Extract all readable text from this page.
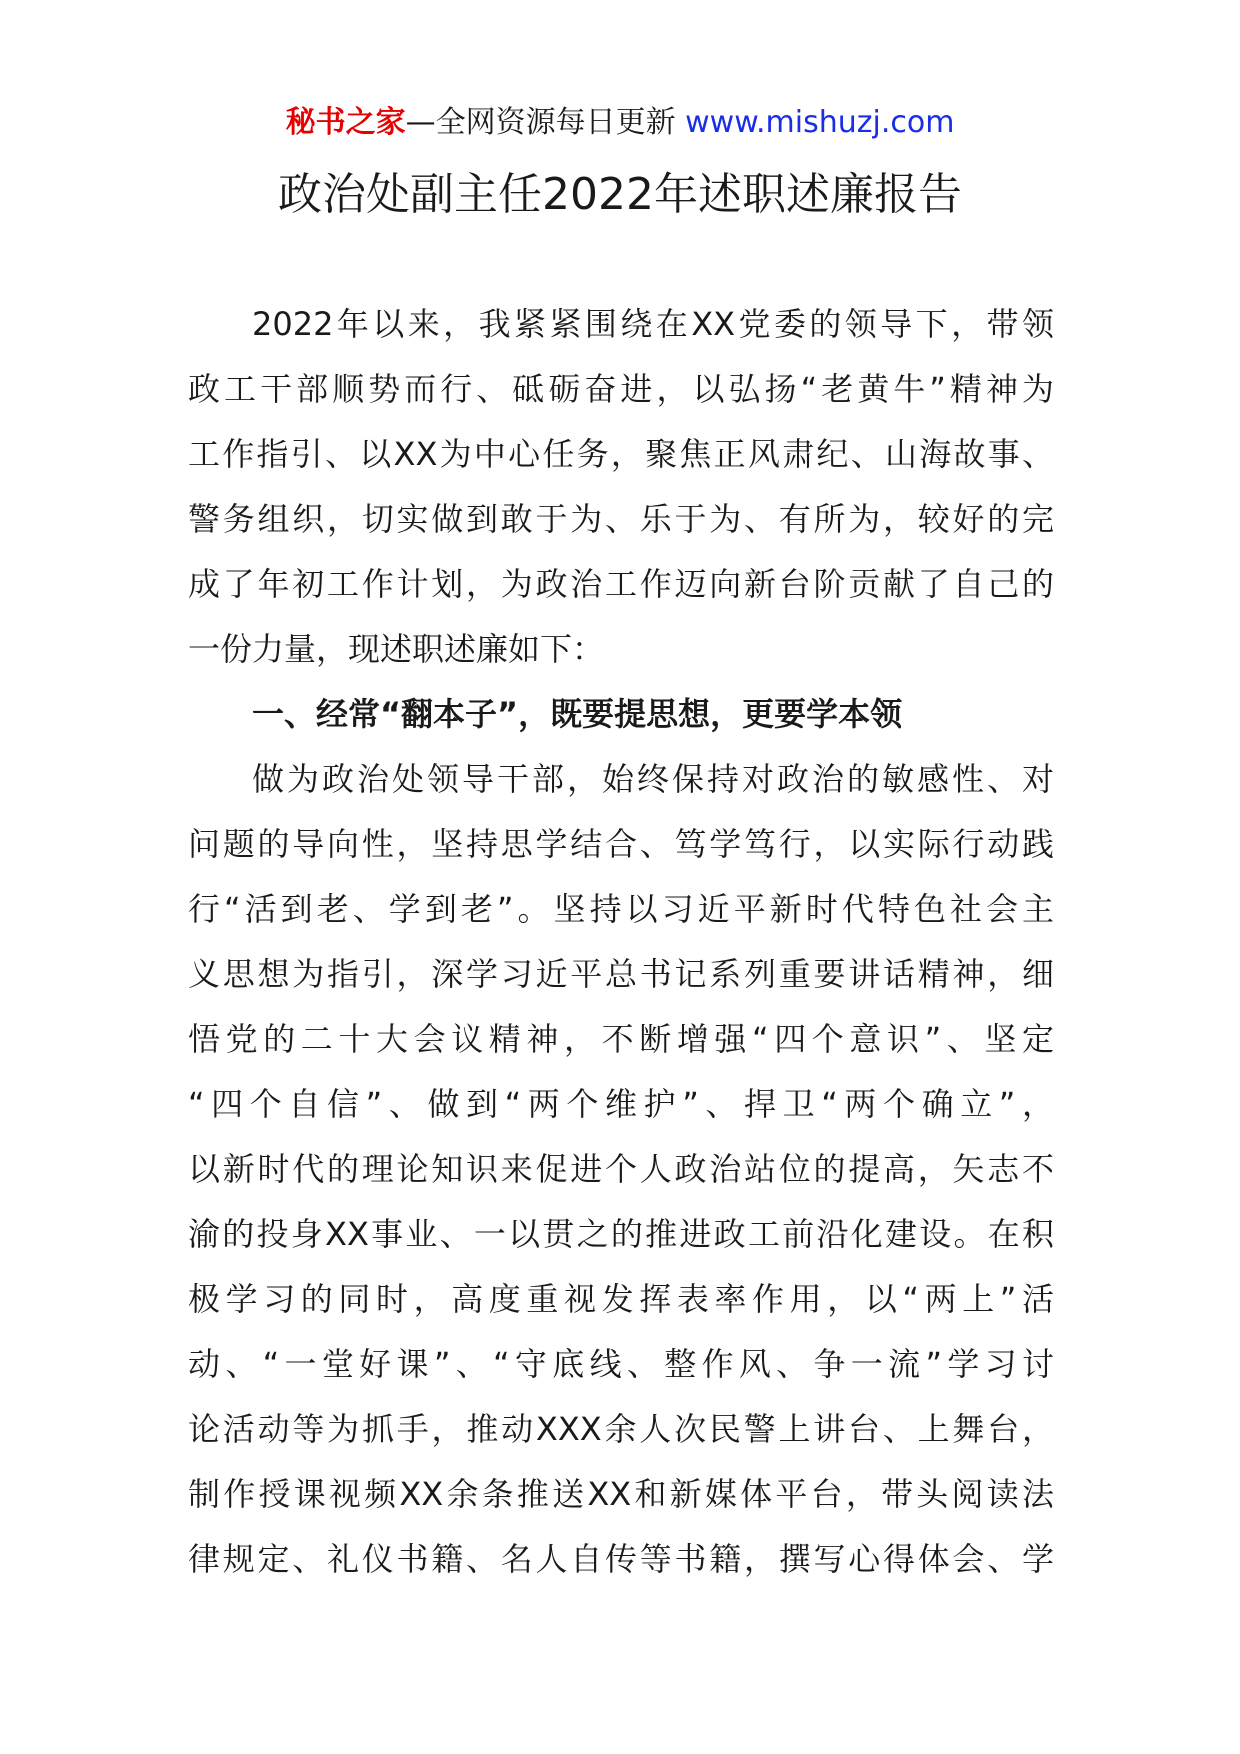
秘书之家—全网资源每日更新 www.mishuzj.com
政治处副主任2022年述职述廉报告
2022年以来，我紧紧围绕在XX党委的领导下，带领
政工干部顺势而行、砥砺奋进，以弘扬“老黄牛”精神为
工作指引、以XX为中心任务，聚焦正风肃纪、山海故事、
警务组织，切实做到敢于为、乐于为、有所为，较好的完
成了年初工作计划，为政治工作迈向新台阶贡献了自己的
一份力量，现述职述廉如下：
一、经常“翻本子”，既要提思想，更要学本领
做为政治处领导干部，始终保持对政治的敏感性、对
问题的导向性，坚持思学结合、笃学笃行，以实际行动践
行“活到老、学到老”。坚持以习近平新时代特色社会主
义思想为指引，深学习近平总书记系列重要讲话精神，细
悟党的二十大会议精神，不断增强“四个意识”、坚定
“四个自信”、做到“两个维护”、捍卫“两个确立”，
以新时代的理论知识来促进个人政治站位的提高，矢志不
渝的投身XX事业、一以贯之的推进政工前沿化建设。在积
极学习的同时，高度重视发挥表率作用，以“两上”活
动、“一堂好课”、“守底线、整作风、争一流”学习讨
论活动等为抓手，推动XXX余人次民警上讲台、上舞台，
制作授课视频XX余条推送XX和新媒体平台，带头阅读法
律规定、礼仪书籍、名人自传等书籍，撰写心得体会、学
